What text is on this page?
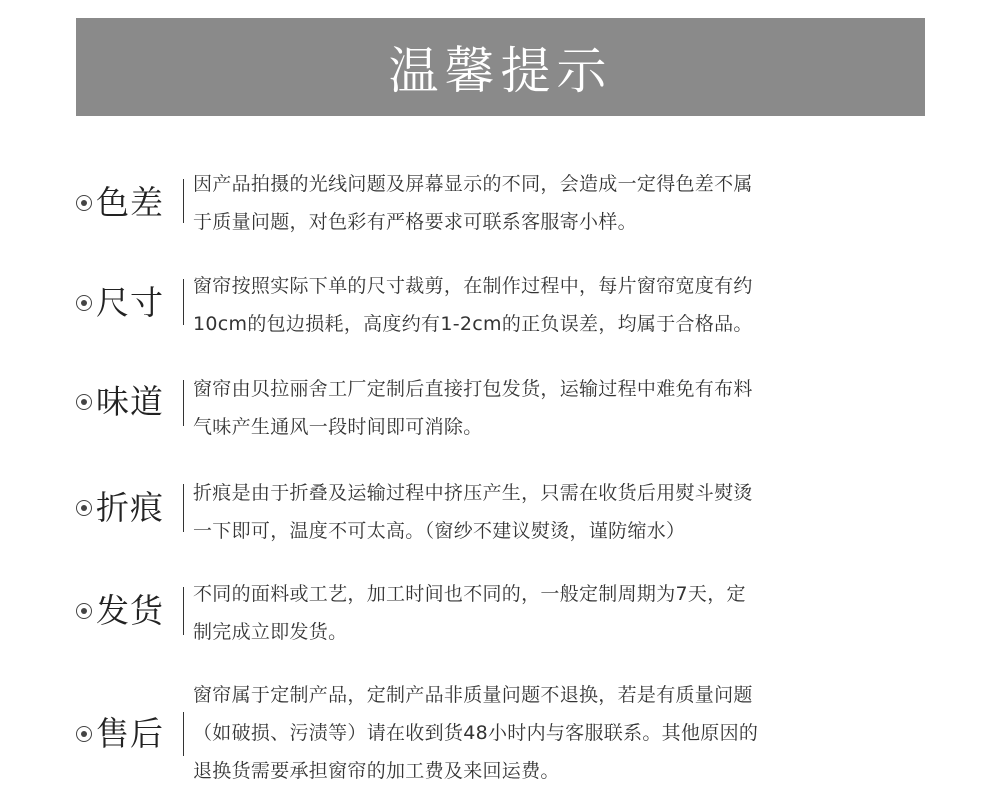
温馨提示
色差 因产品拍摄的光线问题及屏幕显示的不同，会造成一定得色差不属
于质量问题，对色彩有严格要求可联系客服寄小样。

尺寸 窗帘按照实际下单的尺寸裁剪，在制作过程中，每片窗帘宽度有约
10cm的包边损耗，高度约有1-2cm的正负误差，均属于合格品。

味道 窗帘由贝拉丽舍工厂定制后直接打包发货，运输过程中难免有布料
气味产生通风一段时间即可消除。

折痕 折痕是由于折叠及运输过程中挤压产生，只需在收货后用熨斗熨烫
一下即可，温度不可太高。（窗纱不建议熨烫，谨防缩水）

发货 不同的面料或工艺，加工时间也不同的，一般定制周期为7天，定
制完成立即发货。

售后

窗帘属于定制产品，定制产品非质量问题不退换，若是有质量问题
（如破损、污渍等）请在收到货48小时内与客服联系。其他原因的
退换货需要承担窗帘的加工费及来回运费。
